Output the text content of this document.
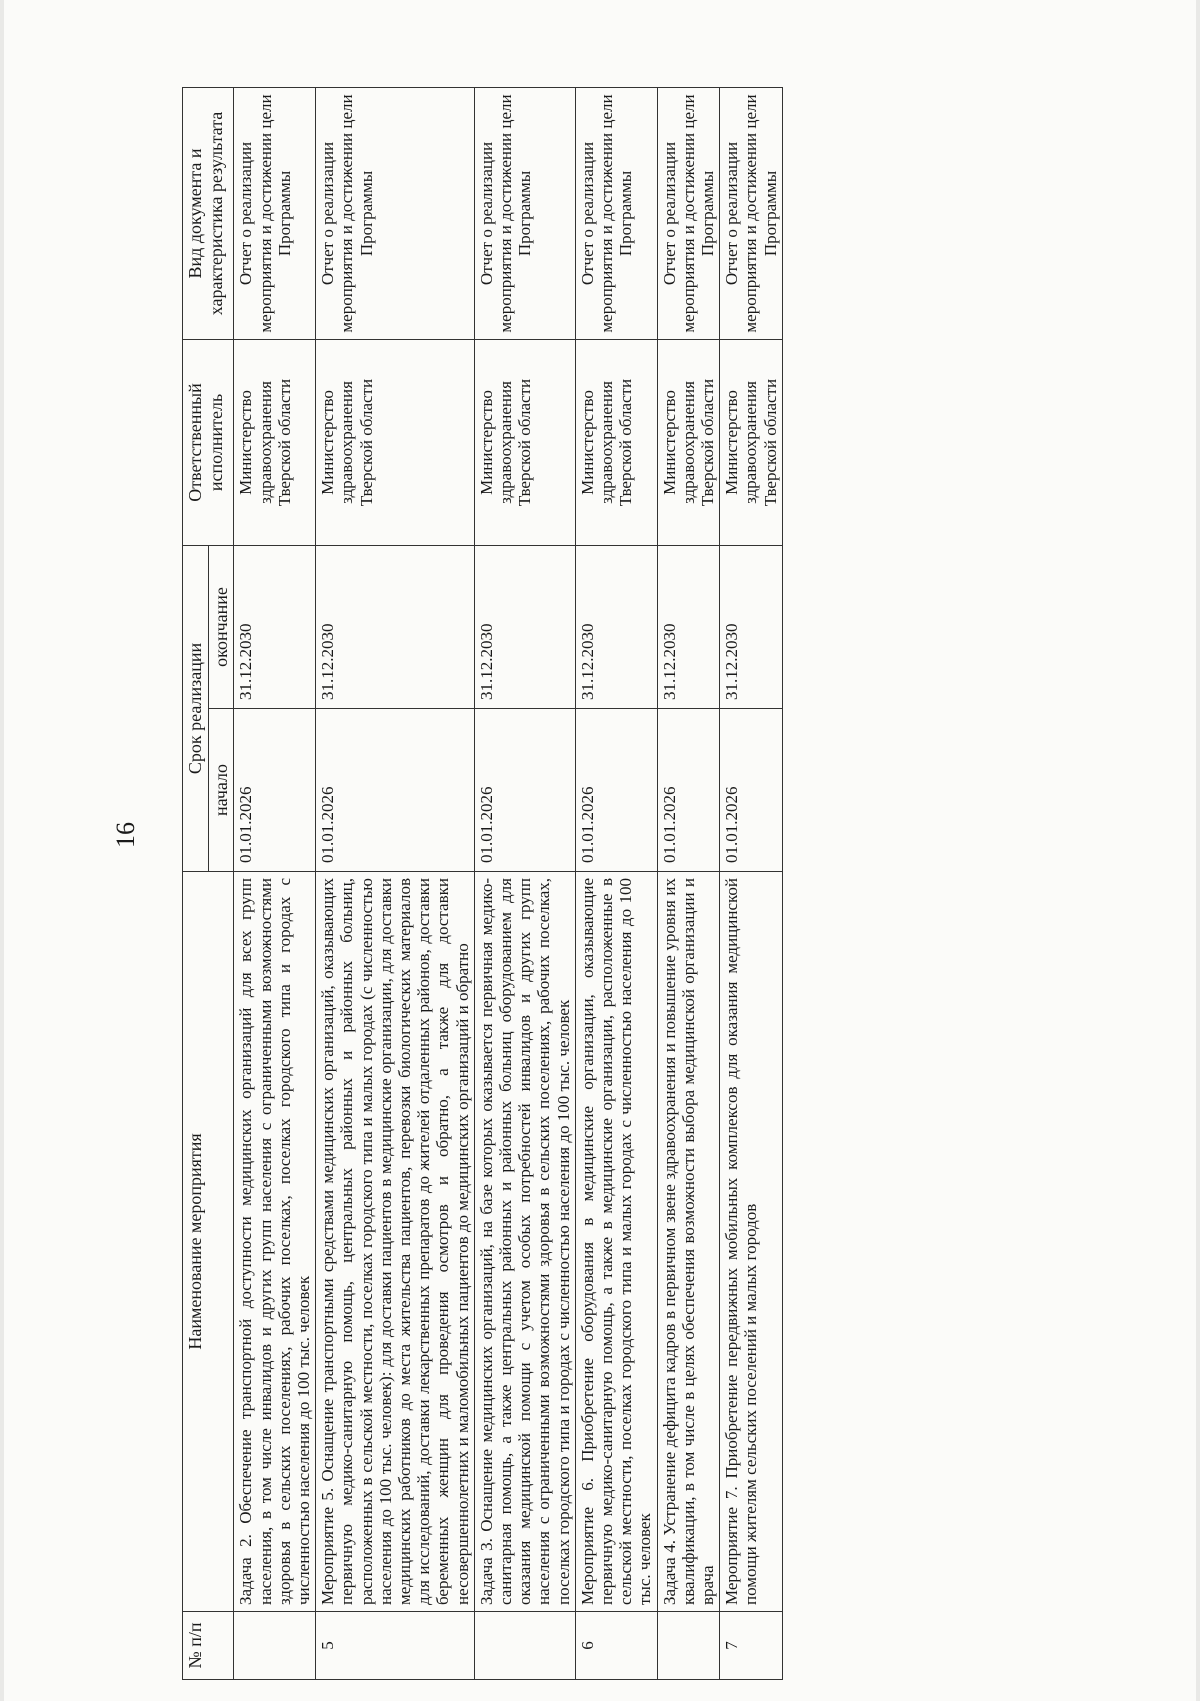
16
№ п/п	Наименование мероприятия	Срок реализации		Ответственный исполнитель	Вид документа и характеристика результата
		начало	окончание		
	Задача 2. Обеспечение транспортной доступности медицинских организаций для всех групп населения, в том числе инвалидов и других групп населения с ограниченными возможностями здоровья в сельских поселениях, рабочих поселках, поселках городского типа и городах с численностью населения до 100 тыс. человек	01.01.2026	31.12.2030	Министерство здравоохранения Тверской области	Отчет о реализации мероприятия и достижении цели Программы
5	Мероприятие 5. Оснащение транспортными средствами медицинских организаций, оказывающих первичную медико-санитарную помощь, центральных районных и районных больниц, расположенных в сельской местности, поселках городского типа и малых городах (с численностью населения до 100 тыс. человек): для доставки пациентов в медицинские организации, для доставки медицинских работников до места жительства пациентов, перевозки биологических материалов для исследований, доставки лекарственных препаратов до жителей отдаленных районов, доставки беременных женщин для проведения осмотров и обратно, а также для доставки несовершеннолетних и маломобильных пациентов до медицинских организаций и обратно	01.01.2026	31.12.2030	Министерство здравоохранения Тверской области	Отчет о реализации мероприятия и достижении цели Программы
	Задача 3. Оснащение медицинских организаций, на базе которых оказывается первичная медико-санитарная помощь, а также центральных районных и районных больниц оборудованием для оказания медицинской помощи с учетом особых потребностей инвалидов и других групп населения с ограниченными возможностями здоровья в сельских поселениях, рабочих поселках, поселках городского типа и городах с численностью населения до 100 тыс. человек	01.01.2026	31.12.2030	Министерство здравоохранения Тверской области	Отчет о реализации мероприятия и достижении цели Программы
6	Мероприятие 6. Приобретение оборудования в медицинские организации, оказывающие первичную медико-санитарную помощь, а также в медицинские организации, расположенные в сельской местности, поселках городского типа и малых городах с численностью населения до 100 тыс. человек	01.01.2026	31.12.2030	Министерство здравоохранения Тверской области	Отчет о реализации мероприятия и достижении цели Программы
	Задача 4. Устранение дефицита кадров в первичном звене здравоохранения и повышение уровня их квалификации, в том числе в целях обеспечения возможности выбора медицинской организации и врача	01.01.2026	31.12.2030	Министерство здравоохранения Тверской области	Отчет о реализации мероприятия и достижении цели Программы
7	Мероприятие 7. Приобретение передвижных мобильных комплексов для оказания медицинской помощи жителям сельских поселений и малых городов	01.01.2026	31.12.2030	Министерство здравоохранения Тверской области	Отчет о реализации мероприятия и достижении цели Программы
